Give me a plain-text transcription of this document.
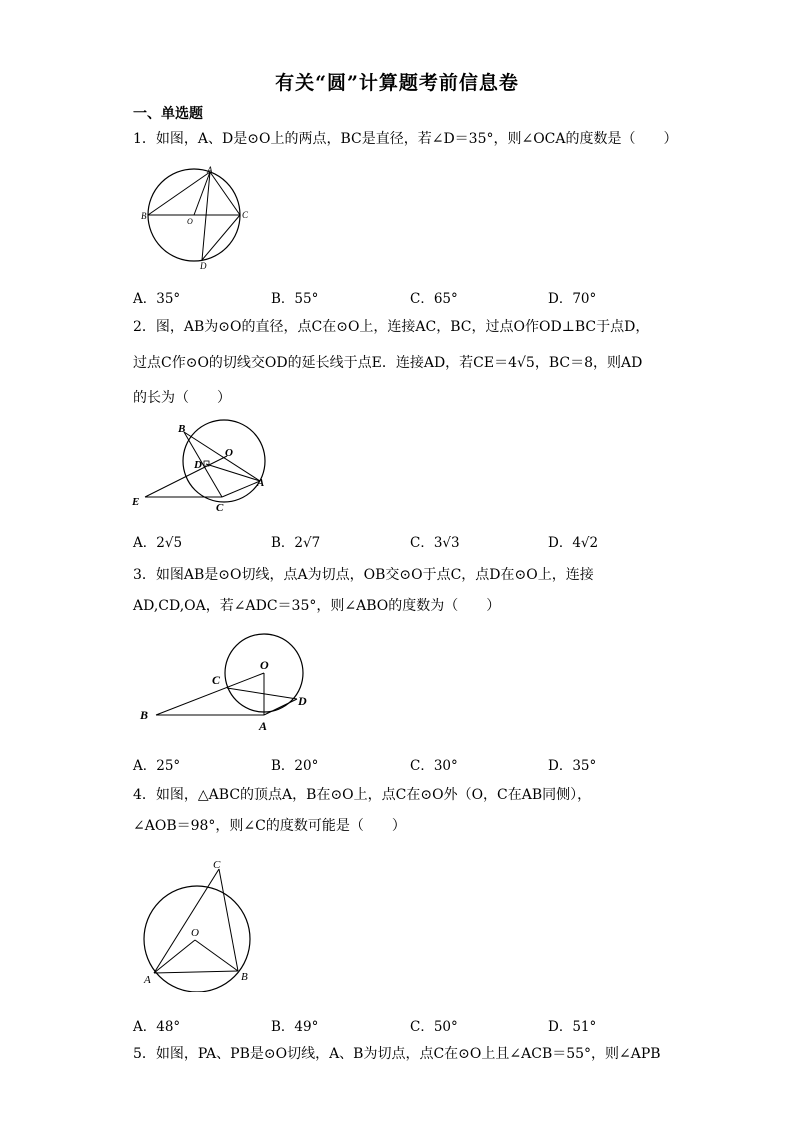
有关“圆”计算题考前信息卷
一、单选题
1．如图，A、D是⊙O上的两点，BC是直径，若∠D＝35°，则∠OCA的度数是（　　）
A
B	C
O
D
A．35°	B．55°	C．65°	D．70°
2．图，AB为⊙O的直径，点C在⊙O上，连接AC，BC，过点O作OD⊥BC于点D，
过点C作⊙O的切线交OD的延长线于点E．连接AD，若CE＝4√5，BC＝8，则AD
的长为（　　）
B
O
D
A
E	C
A．2√5	B．2√7	C．3√3	D．4√2
3．如图AB是⊙O切线，点A为切点，OB交⊙O于点C，点D在⊙O上，连接
AD,CD,OA，若∠ADC＝35°，则∠ABO的度数为（　　）
O
C
D
B
A
A．25°	B．20°	C．30°	D．35°
4．如图，△ABC的顶点A，B在⊙O上，点C在⊙O外（O，C在AB同侧），
∠AOB＝98°，则∠C的度数可能是（　　）
C
O
A	B
A．48°	B．49°	C．50°	D．51°
5．如图，PA、PB是⊙O切线，A、B为切点，点C在⊙O上且∠ACB＝55°，则∠APB
